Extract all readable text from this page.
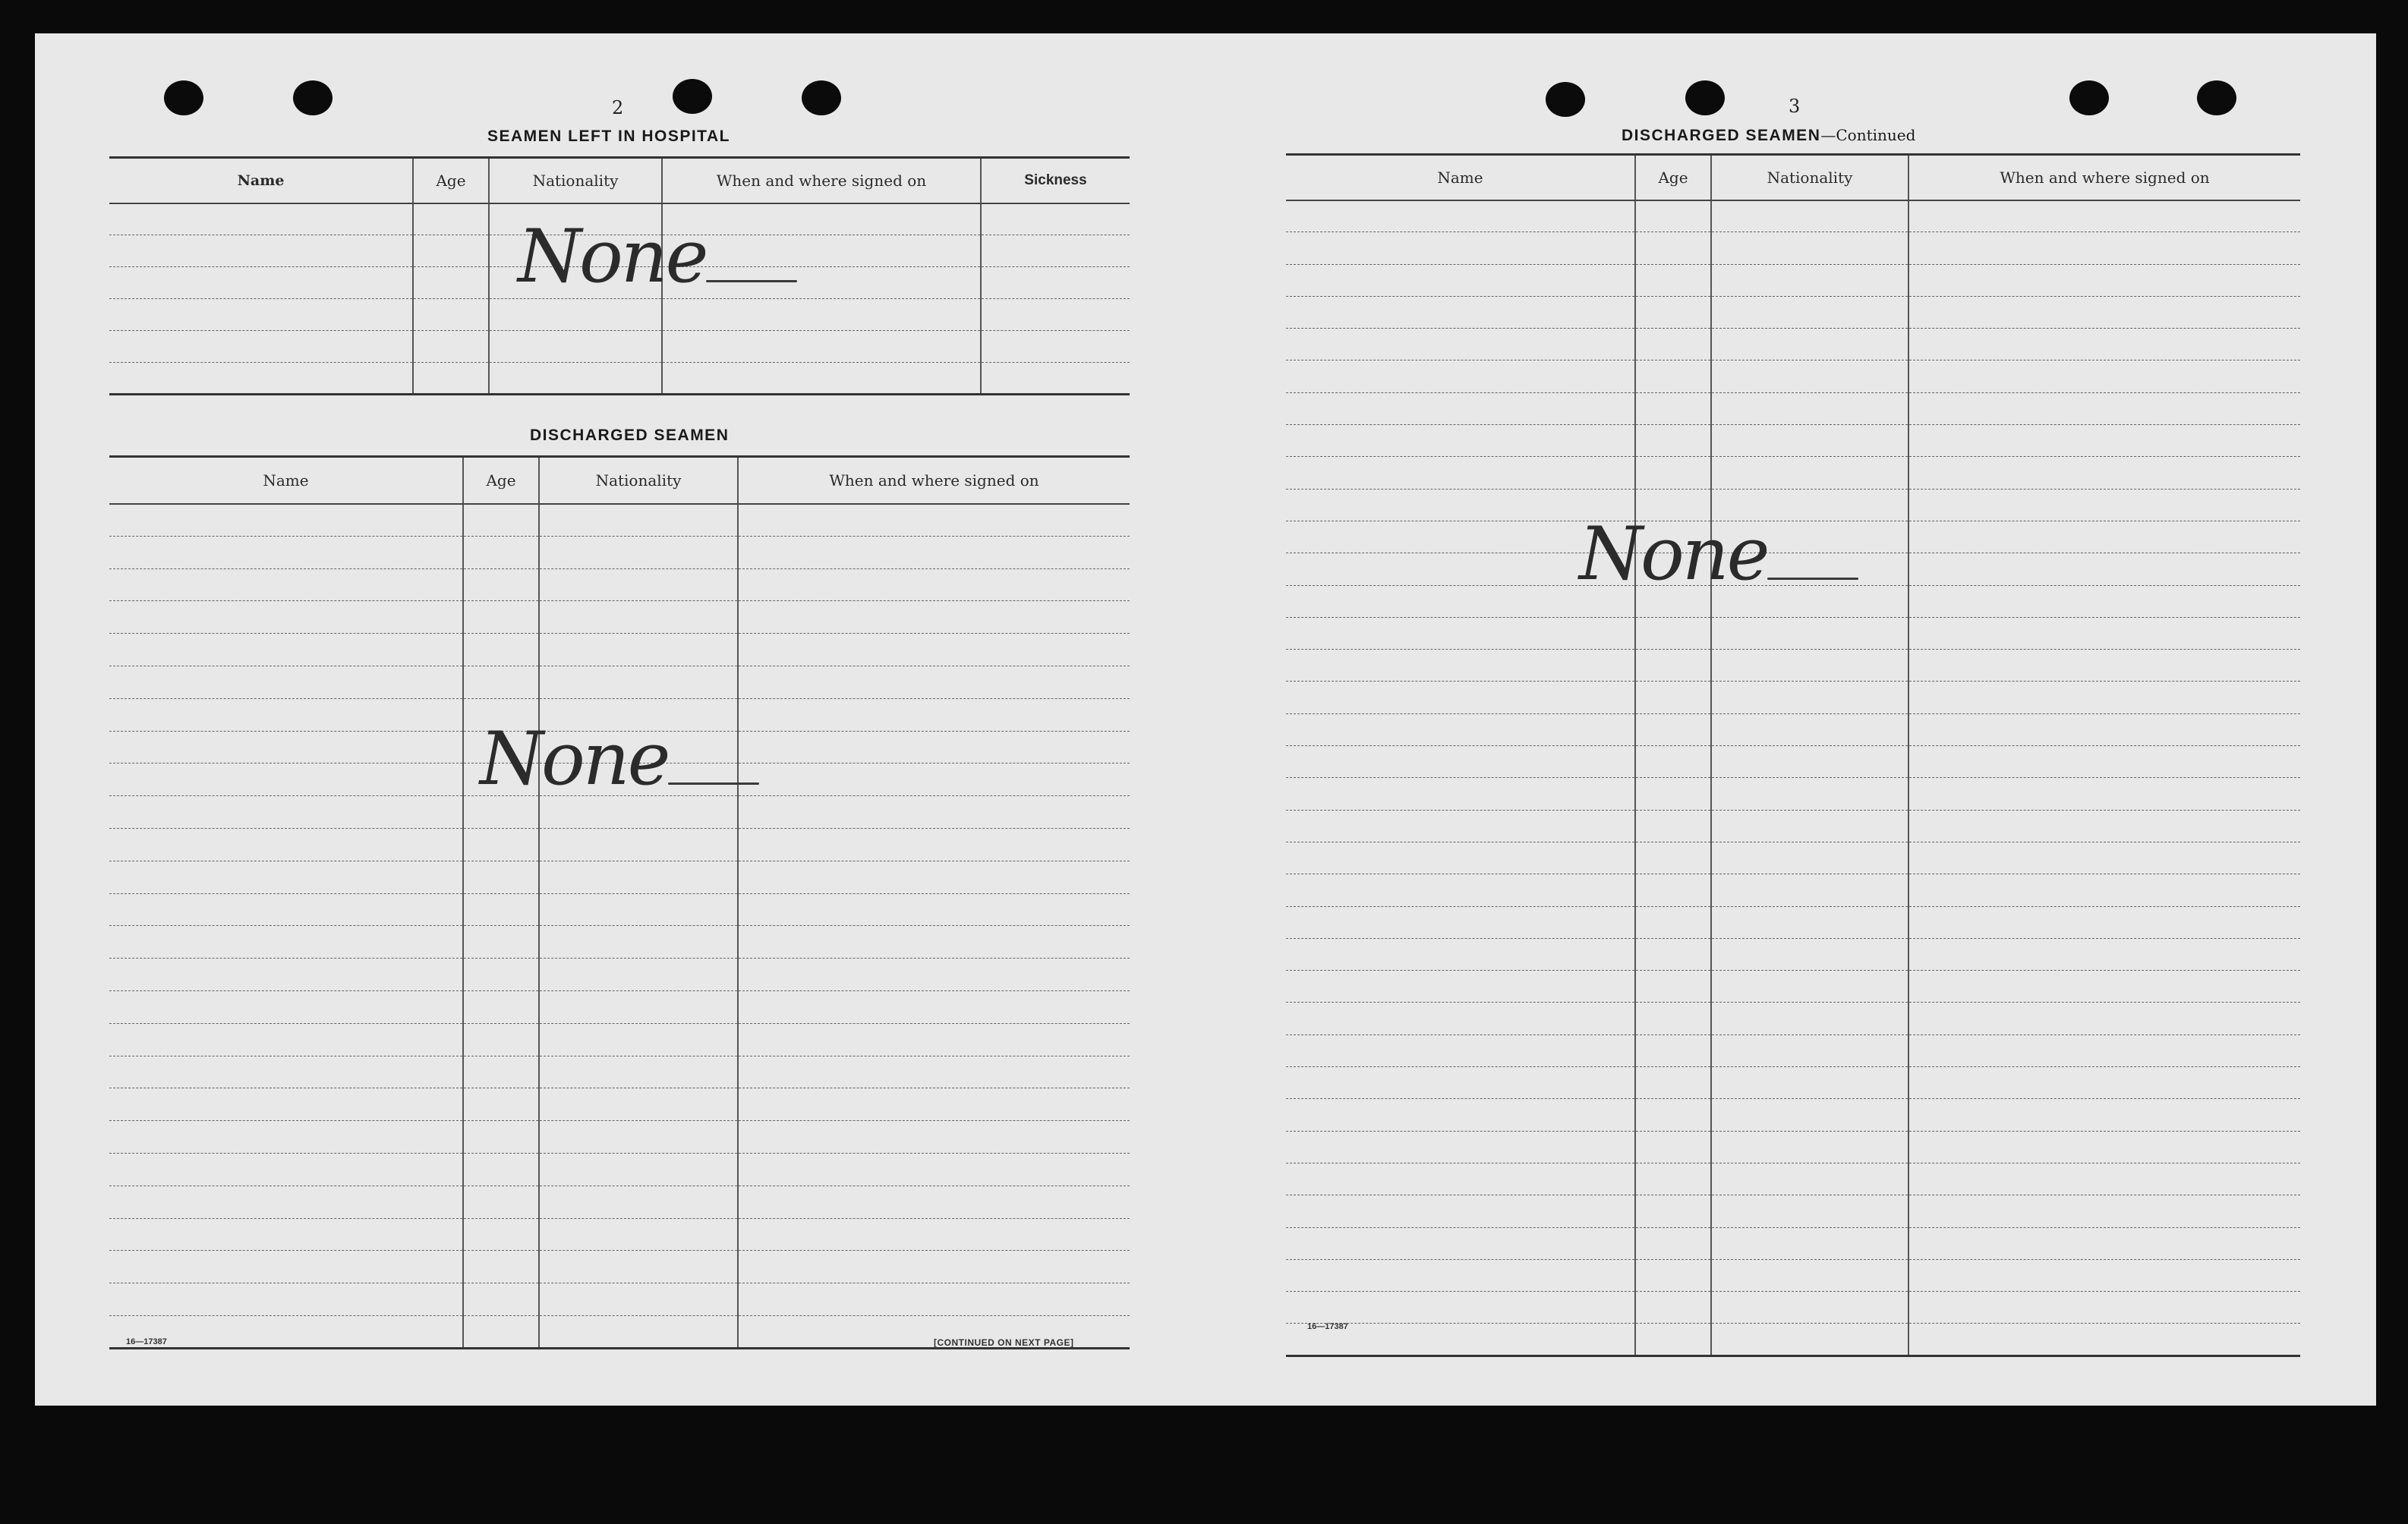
2
SEAMEN LEFT IN HOSPITAL
Name	Age	Nationality	When and where signed on	Sickness

None
DISCHARGED SEAMEN
Name	Age	Nationality	When and where signed on

None
16—17387	[CONTINUED ON NEXT PAGE]
3
DISCHARGED SEAMEN—Continued
Name	Age	Nationality	When and where signed on

None
16—17387
